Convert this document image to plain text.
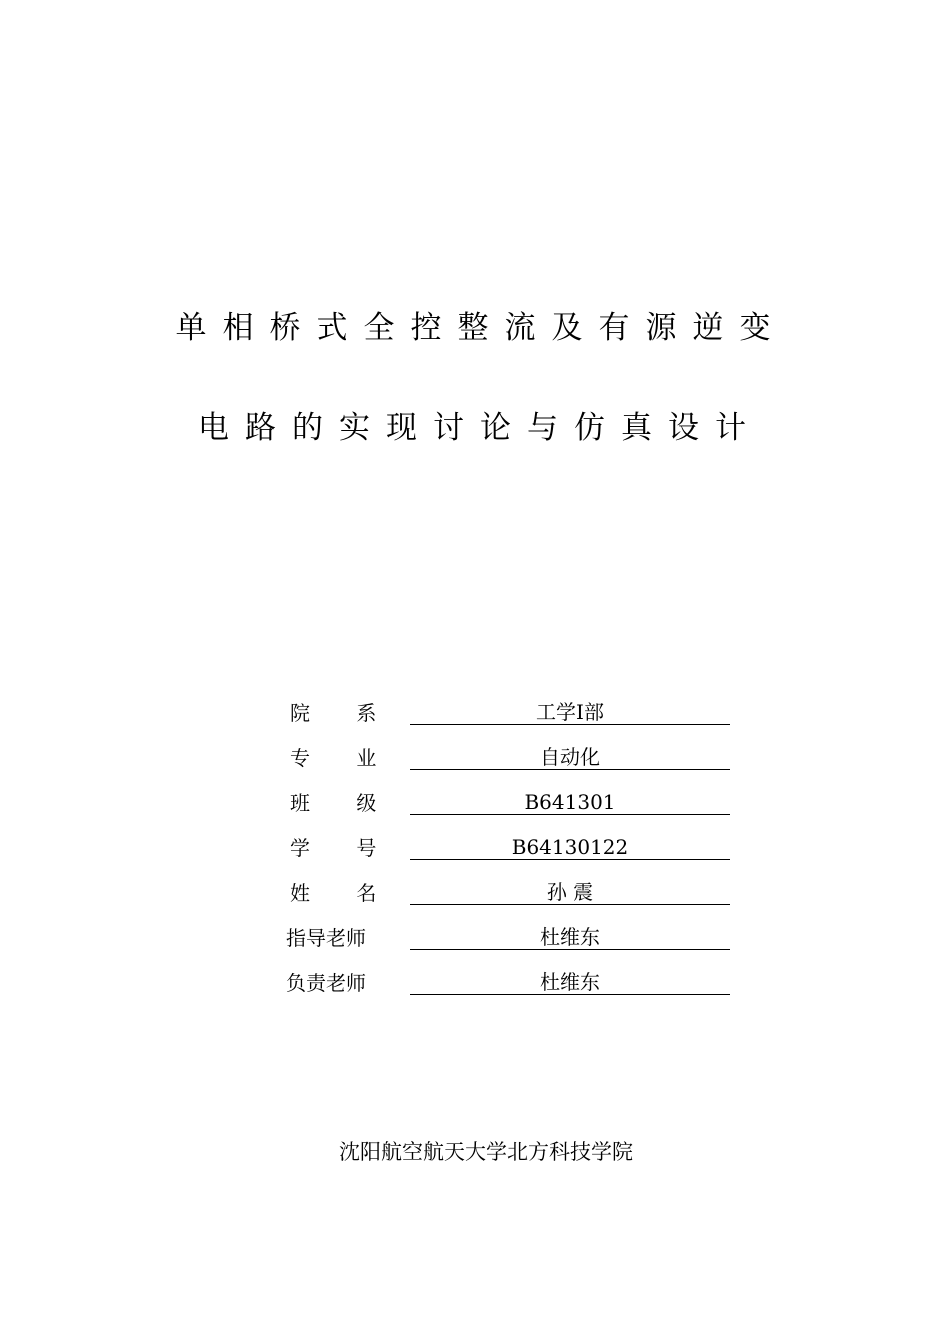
单相桥式全控整流及有源逆变
电路的实现讨论与仿真设计
院 系	工学Ⅰ部
专 业	自动化
班 级	B641301
学 号	B64130122
姓 名	孙 震
指导老师	杜维东
负责老师	杜维东
沈阳航空航天大学北方科技学院
